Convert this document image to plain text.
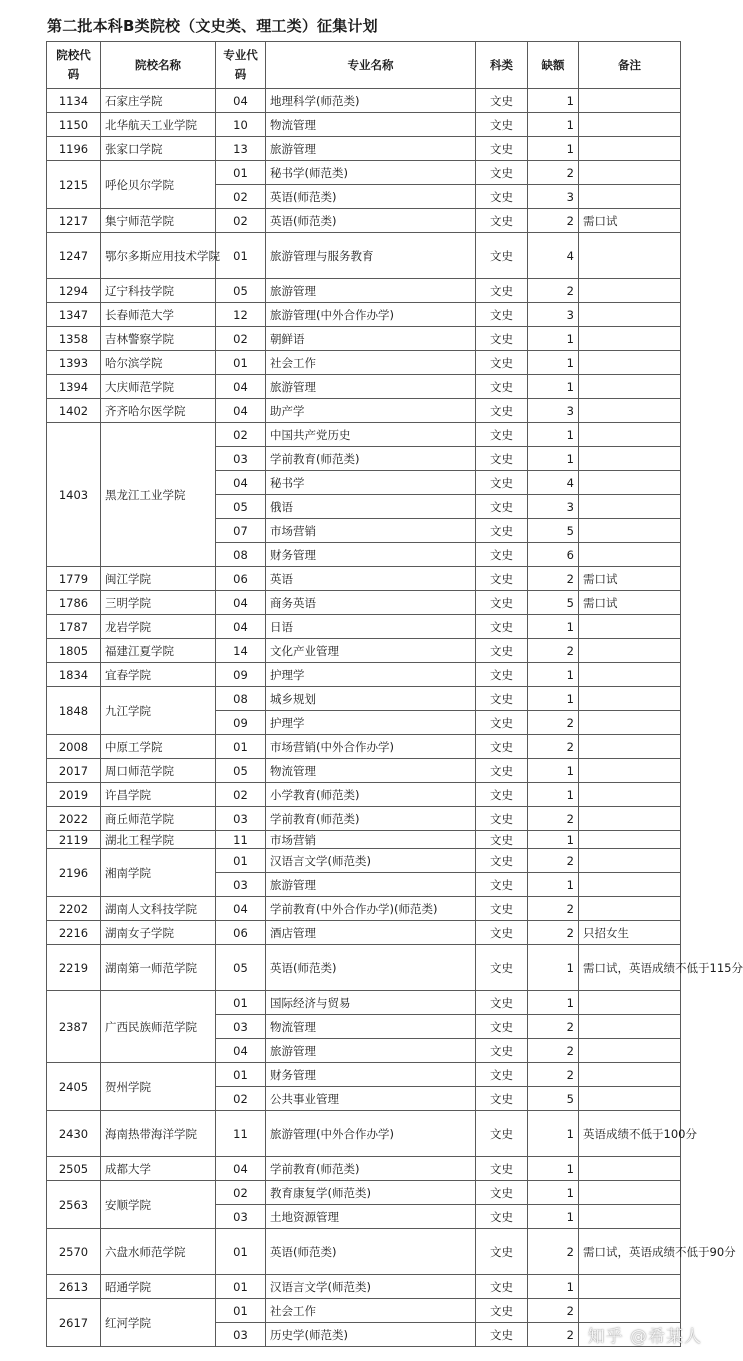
第二批本科B类院校（文史类、理工类）征集计划
院校代码	院校名称	专业代码	专业名称	科类	缺额	备注
1134	石家庄学院	04	地理科学(师范类)	文史	1	
1150	北华航天工业学院	10	物流管理	文史	1	
1196	张家口学院	13	旅游管理	文史	1	
1215	呼伦贝尔学院	01	秘书学(师范类)	文史	2	
		02	英语(师范类)	文史	3	
1217	集宁师范学院	02	英语(师范类)	文史	2	需口试
1247	鄂尔多斯应用技术学院	01	旅游管理与服务教育	文史	4	
1294	辽宁科技学院	05	旅游管理	文史	2	
1347	长春师范大学	12	旅游管理(中外合作办学)	文史	3	
1358	吉林警察学院	02	朝鲜语	文史	1	
1393	哈尔滨学院	01	社会工作	文史	1	
1394	大庆师范学院	04	旅游管理	文史	1	
1402	齐齐哈尔医学院	04	助产学	文史	3	
1403	黑龙江工业学院	02	中国共产党历史	文史	1	
		03	学前教育(师范类)	文史	1	
		04	秘书学	文史	4	
		05	俄语	文史	3	
		07	市场营销	文史	5	
		08	财务管理	文史	6	
1779	闽江学院	06	英语	文史	2	需口试
1786	三明学院	04	商务英语	文史	5	需口试
1787	龙岩学院	04	日语	文史	1	
1805	福建江夏学院	14	文化产业管理	文史	2	
1834	宜春学院	09	护理学	文史	1	
1848	九江学院	08	城乡规划	文史	1	
		09	护理学	文史	2	
2008	中原工学院	01	市场营销(中外合作办学)	文史	2	
2017	周口师范学院	05	物流管理	文史	1	
2019	许昌学院	02	小学教育(师范类)	文史	1	
2022	商丘师范学院	03	学前教育(师范类)	文史	2	
2119	湖北工程学院	11	市场营销	文史	1	
2196	湘南学院	01	汉语言文学(师范类)	文史	2	
		03	旅游管理	文史	1	
2202	湖南人文科技学院	04	学前教育(中外合作办学)(师范类)	文史	2	
2216	湖南女子学院	06	酒店管理	文史	2	只招女生
2219	湖南第一师范学院	05	英语(师范类)	文史	1	需口试，英语成绩不低于115分
2387	广西民族师范学院	01	国际经济与贸易	文史	1	
		03	物流管理	文史	2	
		04	旅游管理	文史	2	
2405	贺州学院	01	财务管理	文史	2	
		02	公共事业管理	文史	5	
2430	海南热带海洋学院	11	旅游管理(中外合作办学)	文史	1	英语成绩不低于100分
2505	成都大学	04	学前教育(师范类)	文史	1	
2563	安顺学院	02	教育康复学(师范类)	文史	1	
		03	土地资源管理	文史	1	
2570	六盘水师范学院	01	英语(师范类)	文史	2	需口试，英语成绩不低于90分
2613	昭通学院	01	汉语言文学(师范类)	文史	1	
2617	红河学院	01	社会工作	文史	2	
		03	历史学(师范类)	文史	2	知乎 @希某人
